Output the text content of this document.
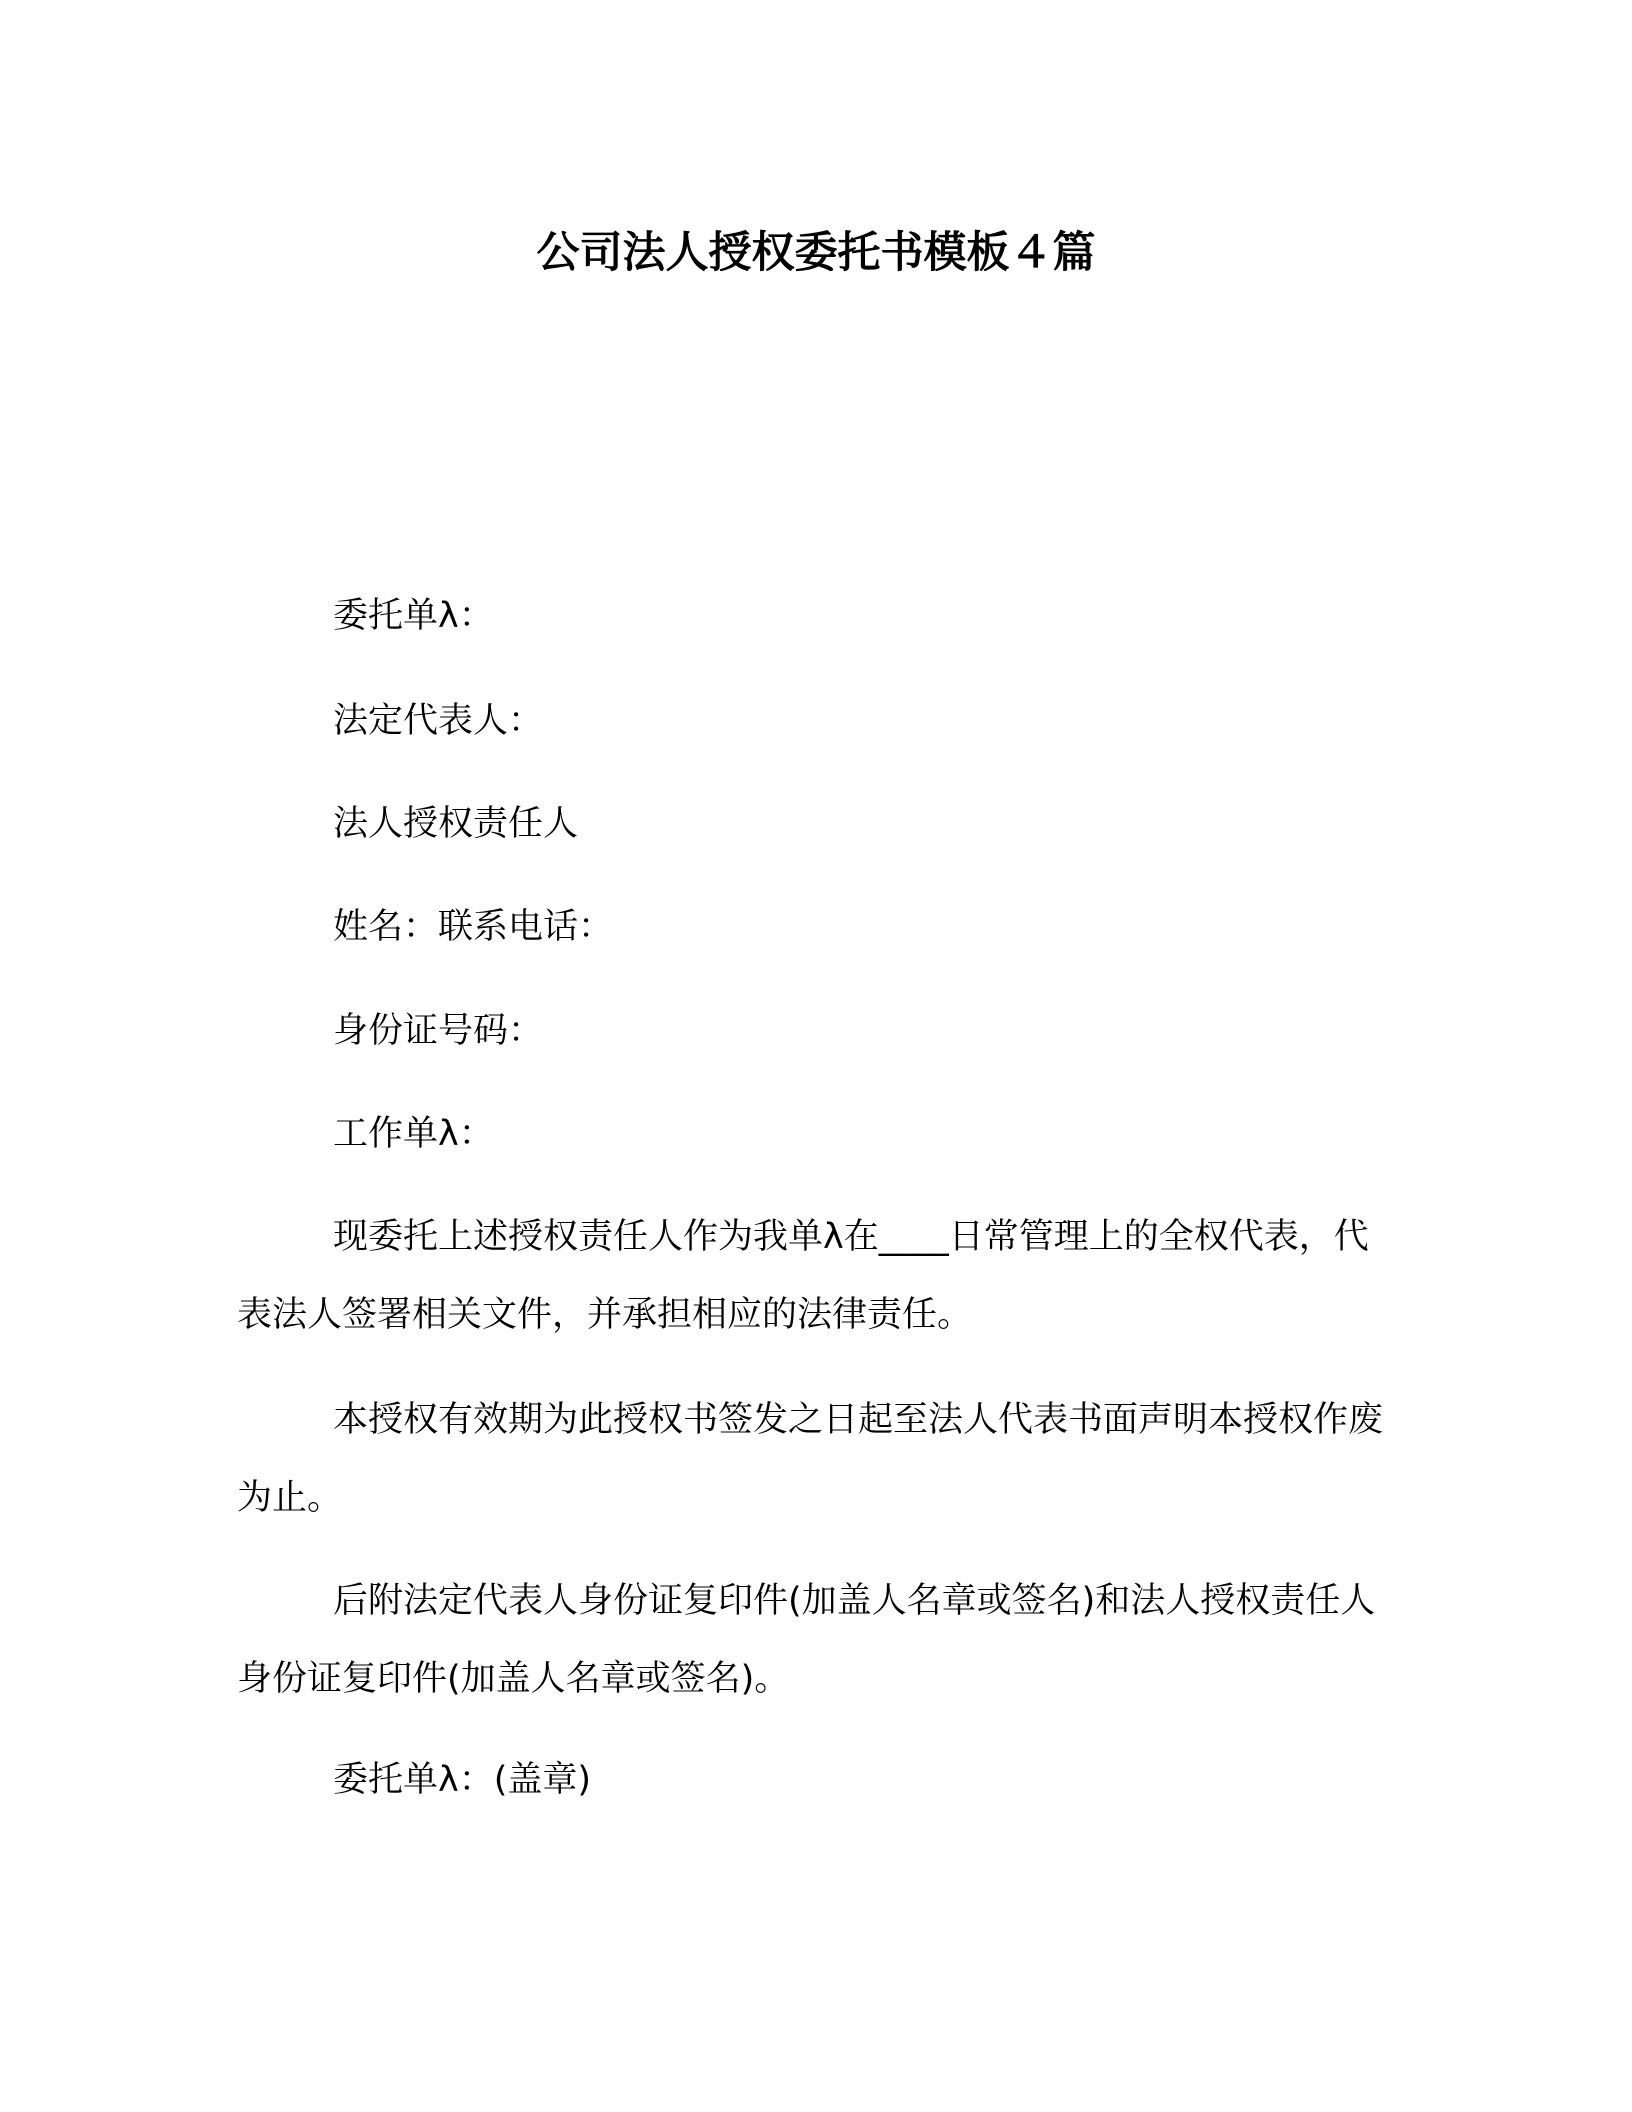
公司法人授权委托书模板４篇
委托单λ：
法定代表人：
法人授权责任人
姓名：联系电话：
身份证号码：
工作单λ：
现委托上述授权责任人作为我单λ在____日常管理上的全权代表，代表法人签署相关文件，并承担相应的法律责任。
本授权有效期为此授权书签发之日起至法人代表书面声明本授权作废为止。
后附法定代表人身份证复印件(加盖人名章或签名)和法人授权责任人身份证复印件(加盖人名章或签名)。
委托单λ：(盖章)
